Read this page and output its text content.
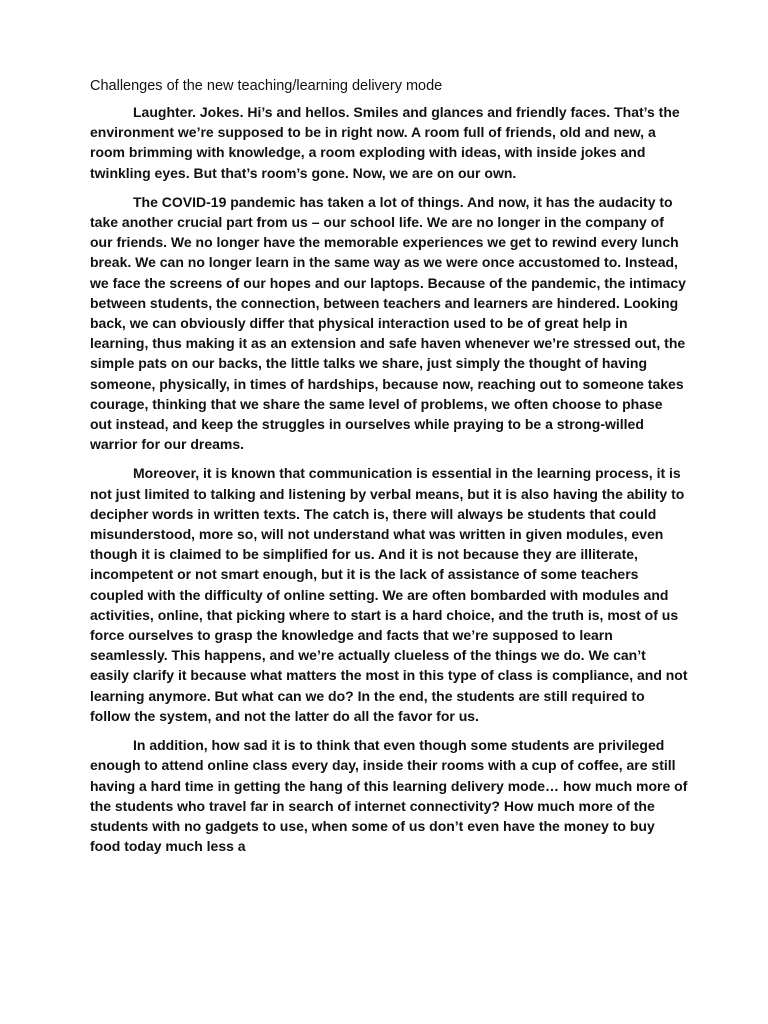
Challenges of the new teaching/learning delivery mode

Laughter. Jokes. Hi’s and hellos. Smiles and glances and friendly faces. That’s the environment we’re supposed to be in right now. A room full of friends, old and new, a room brimming with knowledge, a room exploding with ideas, with inside jokes and twinkling eyes. But that’s room’s gone. Now, we are on our own.

The COVID-19 pandemic has taken a lot of things. And now, it has the audacity to take another crucial part from us – our school life. We are no longer in the company of our friends. We no longer have the memorable experiences we get to rewind every lunch break. We can no longer learn in the same way as we were once accustomed to. Instead, we face the screens of our hopes and our laptops. Because of the pandemic, the intimacy between students, the connection, between teachers and learners are hindered. Looking back, we can obviously differ that physical interaction used to be of great help in learning, thus making it as an extension and safe haven whenever we’re stressed out, the simple pats on our backs, the little talks we share, just simply the thought of having someone, physically, in times of hardships, because now, reaching out to someone takes courage, thinking that we share the same level of problems, we often choose to phase out instead, and keep the struggles in ourselves while praying to be a strong-willed warrior for our dreams.

Moreover, it is known that communication is essential in the learning process, it is not just limited to talking and listening by verbal means, but it is also having the ability to decipher words in written texts. The catch is, there will always be students that could misunderstood, more so, will not understand what was written in given modules, even though it is claimed to be simplified for us. And it is not because they are illiterate, incompetent or not smart enough, but it is the lack of assistance of some teachers coupled with the difficulty of online setting. We are often bombarded with modules and activities, online, that picking where to start is a hard choice, and the truth is, most of us force ourselves to grasp the knowledge and facts that we’re supposed to learn seamlessly. This happens, and we’re actually clueless of the things we do. We can’t easily clarify it because what matters the most in this type of class is compliance, and not learning anymore. But what can we do? In the end, the students are still required to follow the system, and not the latter do all the favor for us.

In addition, how sad it is to think that even though some students are privileged enough to attend online class every day, inside their rooms with a cup of coffee, are still having a hard time in getting the hang of this learning delivery mode… how much more of the students who travel far in search of internet connectivity? How much more of the students with no gadgets to use, when some of us don’t even have the money to buy food today much less a
